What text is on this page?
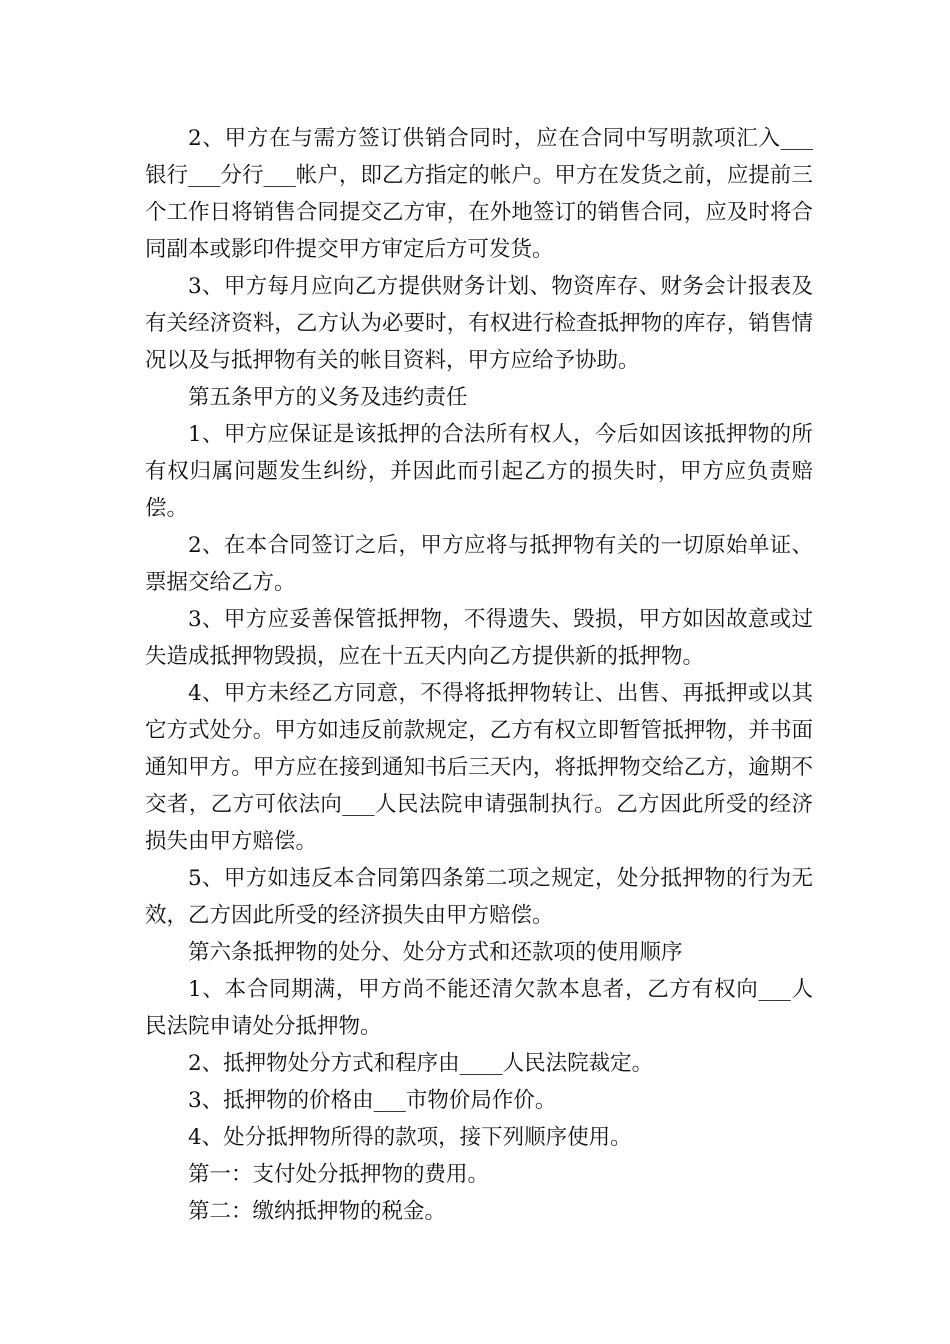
2、甲方在与需方签订供销合同时，应在合同中写明款项汇入___银行___分行___帐户，即乙方指定的帐户。甲方在发货之前，应提前三个工作日将销售合同提交乙方审，在外地签订的销售合同，应及时将合同副本或影印件提交甲方审定后方可发货。

3、甲方每月应向乙方提供财务计划、物资库存、财务会计报表及有关经济资料，乙方认为必要时，有权进行检查抵押物的库存，销售情况以及与抵押物有关的帐目资料，甲方应给予协助。

第五条甲方的义务及违约责任

1、甲方应保证是该抵押的合法所有权人，今后如因该抵押物的所有权归属问题发生纠纷，并因此而引起乙方的损失时，甲方应负责赔偿。

2、在本合同签订之后，甲方应将与抵押物有关的一切原始单证、票据交给乙方。

3、甲方应妥善保管抵押物，不得遗失、毁损，甲方如因故意或过失造成抵押物毁损，应在十五天内向乙方提供新的抵押物。

4、甲方未经乙方同意，不得将抵押物转让、出售、再抵押或以其它方式处分。甲方如违反前款规定，乙方有权立即暂管抵押物，并书面通知甲方。甲方应在接到通知书后三天内，将抵押物交给乙方，逾期不交者，乙方可依法向___人民法院申请强制执行。乙方因此所受的经济损失由甲方赔偿。

5、甲方如违反本合同第四条第二项之规定，处分抵押物的行为无效，乙方因此所受的经济损失由甲方赔偿。

第六条抵押物的处分、处分方式和还款项的使用顺序

1、本合同期满，甲方尚不能还清欠款本息者，乙方有权向___人民法院申请处分抵押物。

2、抵押物处分方式和程序由____人民法院裁定。

3、抵押物的价格由___市物价局作价。

4、处分抵押物所得的款项，接下列顺序使用。

第一：支付处分抵押物的费用。

第二：缴纳抵押物的税金。
